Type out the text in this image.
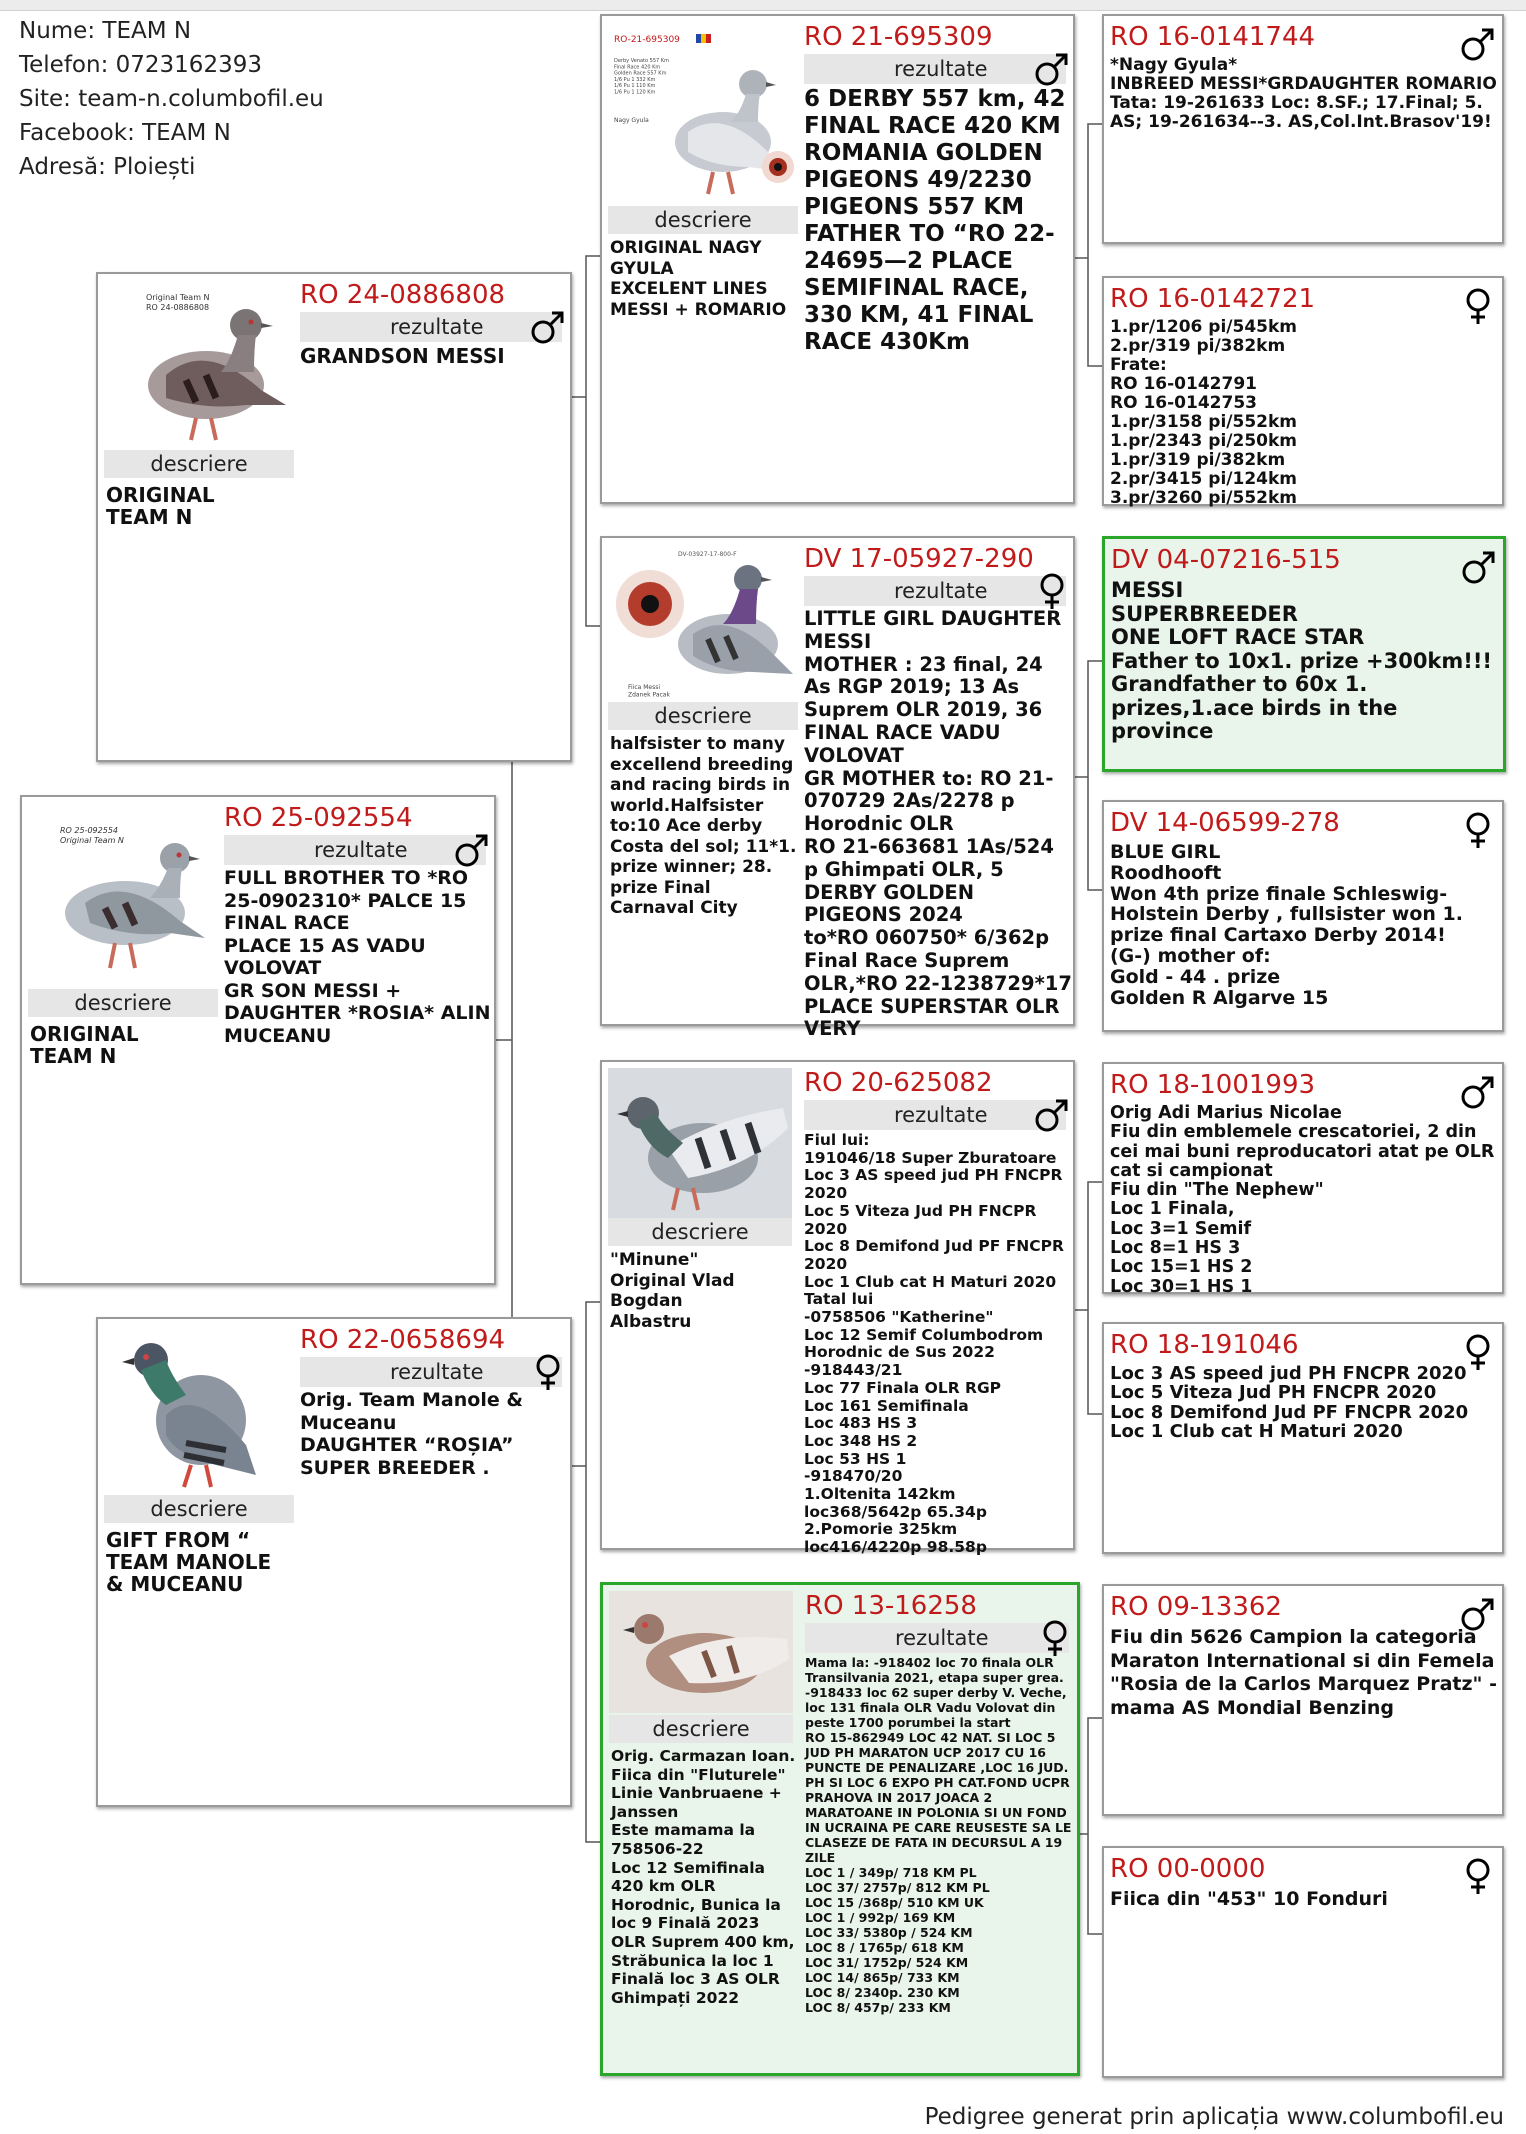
Nume: TEAM N
Telefon: 0723162393
Site: team-n.columbofil.eu
Facebook: TEAM N
Adresă: Ploiești
RO 25-092554 Original Team N
RO 25-092554
rezultate
FULL BROTHER TO *RO 25-0902310* PALCE 15 FINAL RACE
PLACE 15 AS VADU VOLOVAT
GR SON MESSI + DAUGHTER *ROSIA* ALIN MUCEANU
descriere
ORIGINAL
TEAM N
Original Team N RO 24-0886808	RO 24-0886808
rezultate
GRANDSON MESSI
descriere
ORIGINAL
TEAM N
RO 22-0658694
rezultate
Orig. Team Manole & Muceanu
DAUGHTER “ROȘIA” SUPER BREEDER .
descriere
GIFT FROM “
TEAM MANOLE
& MUCEANU
RO-21-695309
Derby Venato 557 Km Final Race 420 Km Golden Race 557 Km 1/6 Pu 1 332 Km 1/6 Pu 1 110 Km 1/6 Pu 1 120 Km
Nagy Gyula
RO 21-695309
rezultate
6 DERBY 557 km, 42 FINAL RACE 420 KM ROMANIA GOLDEN PIGEONS 49/2230 PIGEONS 557 KM
FATHER TO “RO 22-24695—2 PLACE SEMIFINAL RACE, 330 KM, 41 FINAL RACE 430Km
descriere
ORIGINAL NAGY GYULA
EXCELENT LINES MESSI + ROMARIO
DV-03927-17-800-F
Fiica Messi Zdanek Pacak
DV 17-05927-290
rezultate
LITTLE GIRL DAUGHTER MESSI
MOTHER : 23 final, 24 As RGP 2019; 13 As Suprem OLR 2019, 36 FINAL RACE VADU VOLOVAT
GR MOTHER to: RO 21-070729 2As/2278 p Horodnic OLR
RO 21-663681 1As/524 p Ghimpati OLR, 5 DERBY GOLDEN PIGEONS 2024
to*RO 060750* 6/362p Final Race Suprem OLR,*RO 22-1238729*17 PLACE SUPERSTAR OLR VERY
descriere
halfsister to many excellend breeding and racing birds in world.Halfsister to:10 Ace derby Costa del sol; 11*1. prize winner; 28. prize Final Carnaval City
RO 20-625082
rezultate
Fiul lui:
191046/18 Super Zburatoare
Loc 3 AS speed jud PH FNCPR 2020
Loc 5 Viteza Jud PH FNCPR 2020
Loc 8 Demifond Jud PF FNCPR 2020
Loc 1 Club cat H Maturi 2020
Tatal lui
-0758506 "Katherine"
Loc 12 Semif Columbodrom Horodnic de Sus 2022
-918443/21
Loc 77 Finala OLR RGP
Loc 161 Semifinala
Loc 483 HS 3
Loc 348 HS 2
Loc 53 HS 1
-918470/20
1.Oltenita 142km loc368/5642p 65.34p
2.Pomorie 325km loc416/4220p 98.58p
descriere
"Minune"
Original Vlad Bogdan
Albastru
RO 13-16258
rezultate
Mama la: -918402 loc 70 finala OLR Transilvania 2021, etapa super grea.
-918433 loc 62 super derby V. Veche, loc 131 finala OLR Vadu Volovat din peste 1700 porumbei la start
RO 15-862949 LOC 42 NAT. SI LOC 5 JUD PH MARATON UCP 2017 CU 16 PUNCTE DE PENALIZARE ,LOC 16 JUD. PH SI LOC 6 EXPO PH CAT.FOND UCPR PRAHOVA IN 2017 JOACA 2 MARATOANE IN POLONIA SI UN FOND IN UCRAINA PE CARE REUSESTE SA LE CLASEZE DE FATA IN DECURSUL A 19 ZILE
LOC 1 / 349p/ 718 KM PL
LOC 37/ 2757p/ 812 KM PL
LOC 15 /368p/ 510 KM UK
LOC 1 / 992p/ 169 KM
LOC 33/ 5380p / 524 KM
LOC 8 / 1765p/ 618 KM
LOC 31/ 1752p/ 524 KM
LOC 14/ 865p/ 733 KM
LOC 8/ 2340p. 230 KM
LOC 8/ 457p/ 233 KM
descriere
Orig. Carmazan Ioan. Fiica din "Fluturele" Linie Vanbruaene + Janssen
Este mamama la 758506-22
Loc 12 Semifinala 420 km OLR Horodnic, Bunica la loc 9 Finală 2023 OLR Suprem 400 km, Străbunica la loc 1 Finală loc 3 AS OLR Ghimpați 2022
RO 16-0141744
*Nagy Gyula*
INBREED MESSI*GRDAUGHTER ROMARIO
Tata: 19-261633 Loc: 8.SF.; 17.Final; 5. AS; 19-261634--3. AS,Col.Int.Brasov'19!
RO 16-0142721
1.pr/1206 pi/545km
2.pr/319 pi/382km
Frate:
RO 16-0142791
RO 16-0142753
1.pr/3158 pi/552km
1.pr/2343 pi/250km
1.pr/319 pi/382km
2.pr/3415 pi/124km
3.pr/3260 pi/552km
DV 04-07216-515
MESSI
SUPERBREEDER
ONE LOFT RACE STAR
Father to 10x1. prize +300km!!!
Grandfather to 60x 1. prizes,1.ace birds in the province
DV 14-06599-278
BLUE GIRL
Roodhooft
Won 4th prize finale Schleswig-Holstein Derby , fullsister won 1. prize final Cartaxo Derby 2014!
(G-) mother of:
Gold - 44 . prize
Golden R Algarve 15
RO 18-1001993
Orig Adi Marius Nicolae
Fiu din emblemele crescatoriei, 2 din cei mai buni reproducatori atat pe OLR cat si campionat
Fiu din "The Nephew"
Loc 1 Finala,
Loc 3=1 Semif
Loc 8=1 HS 3
Loc 15=1 HS 2
Loc 30=1 HS 1
RO 18-191046
Loc 3 AS speed jud PH FNCPR 2020
Loc 5 Viteza Jud PH FNCPR 2020
Loc 8 Demifond Jud PF FNCPR 2020
Loc 1 Club cat H Maturi 2020
RO 09-13362
Fiu din 5626 Campion la categoria Maraton International si din Femela "Rosia de la Carlos Marquez Pratz" - mama AS Mondial Benzing
RO 00-0000
Fiica din "453" 10 Fonduri
Pedigree generat prin aplicația www.columbofil.eu
